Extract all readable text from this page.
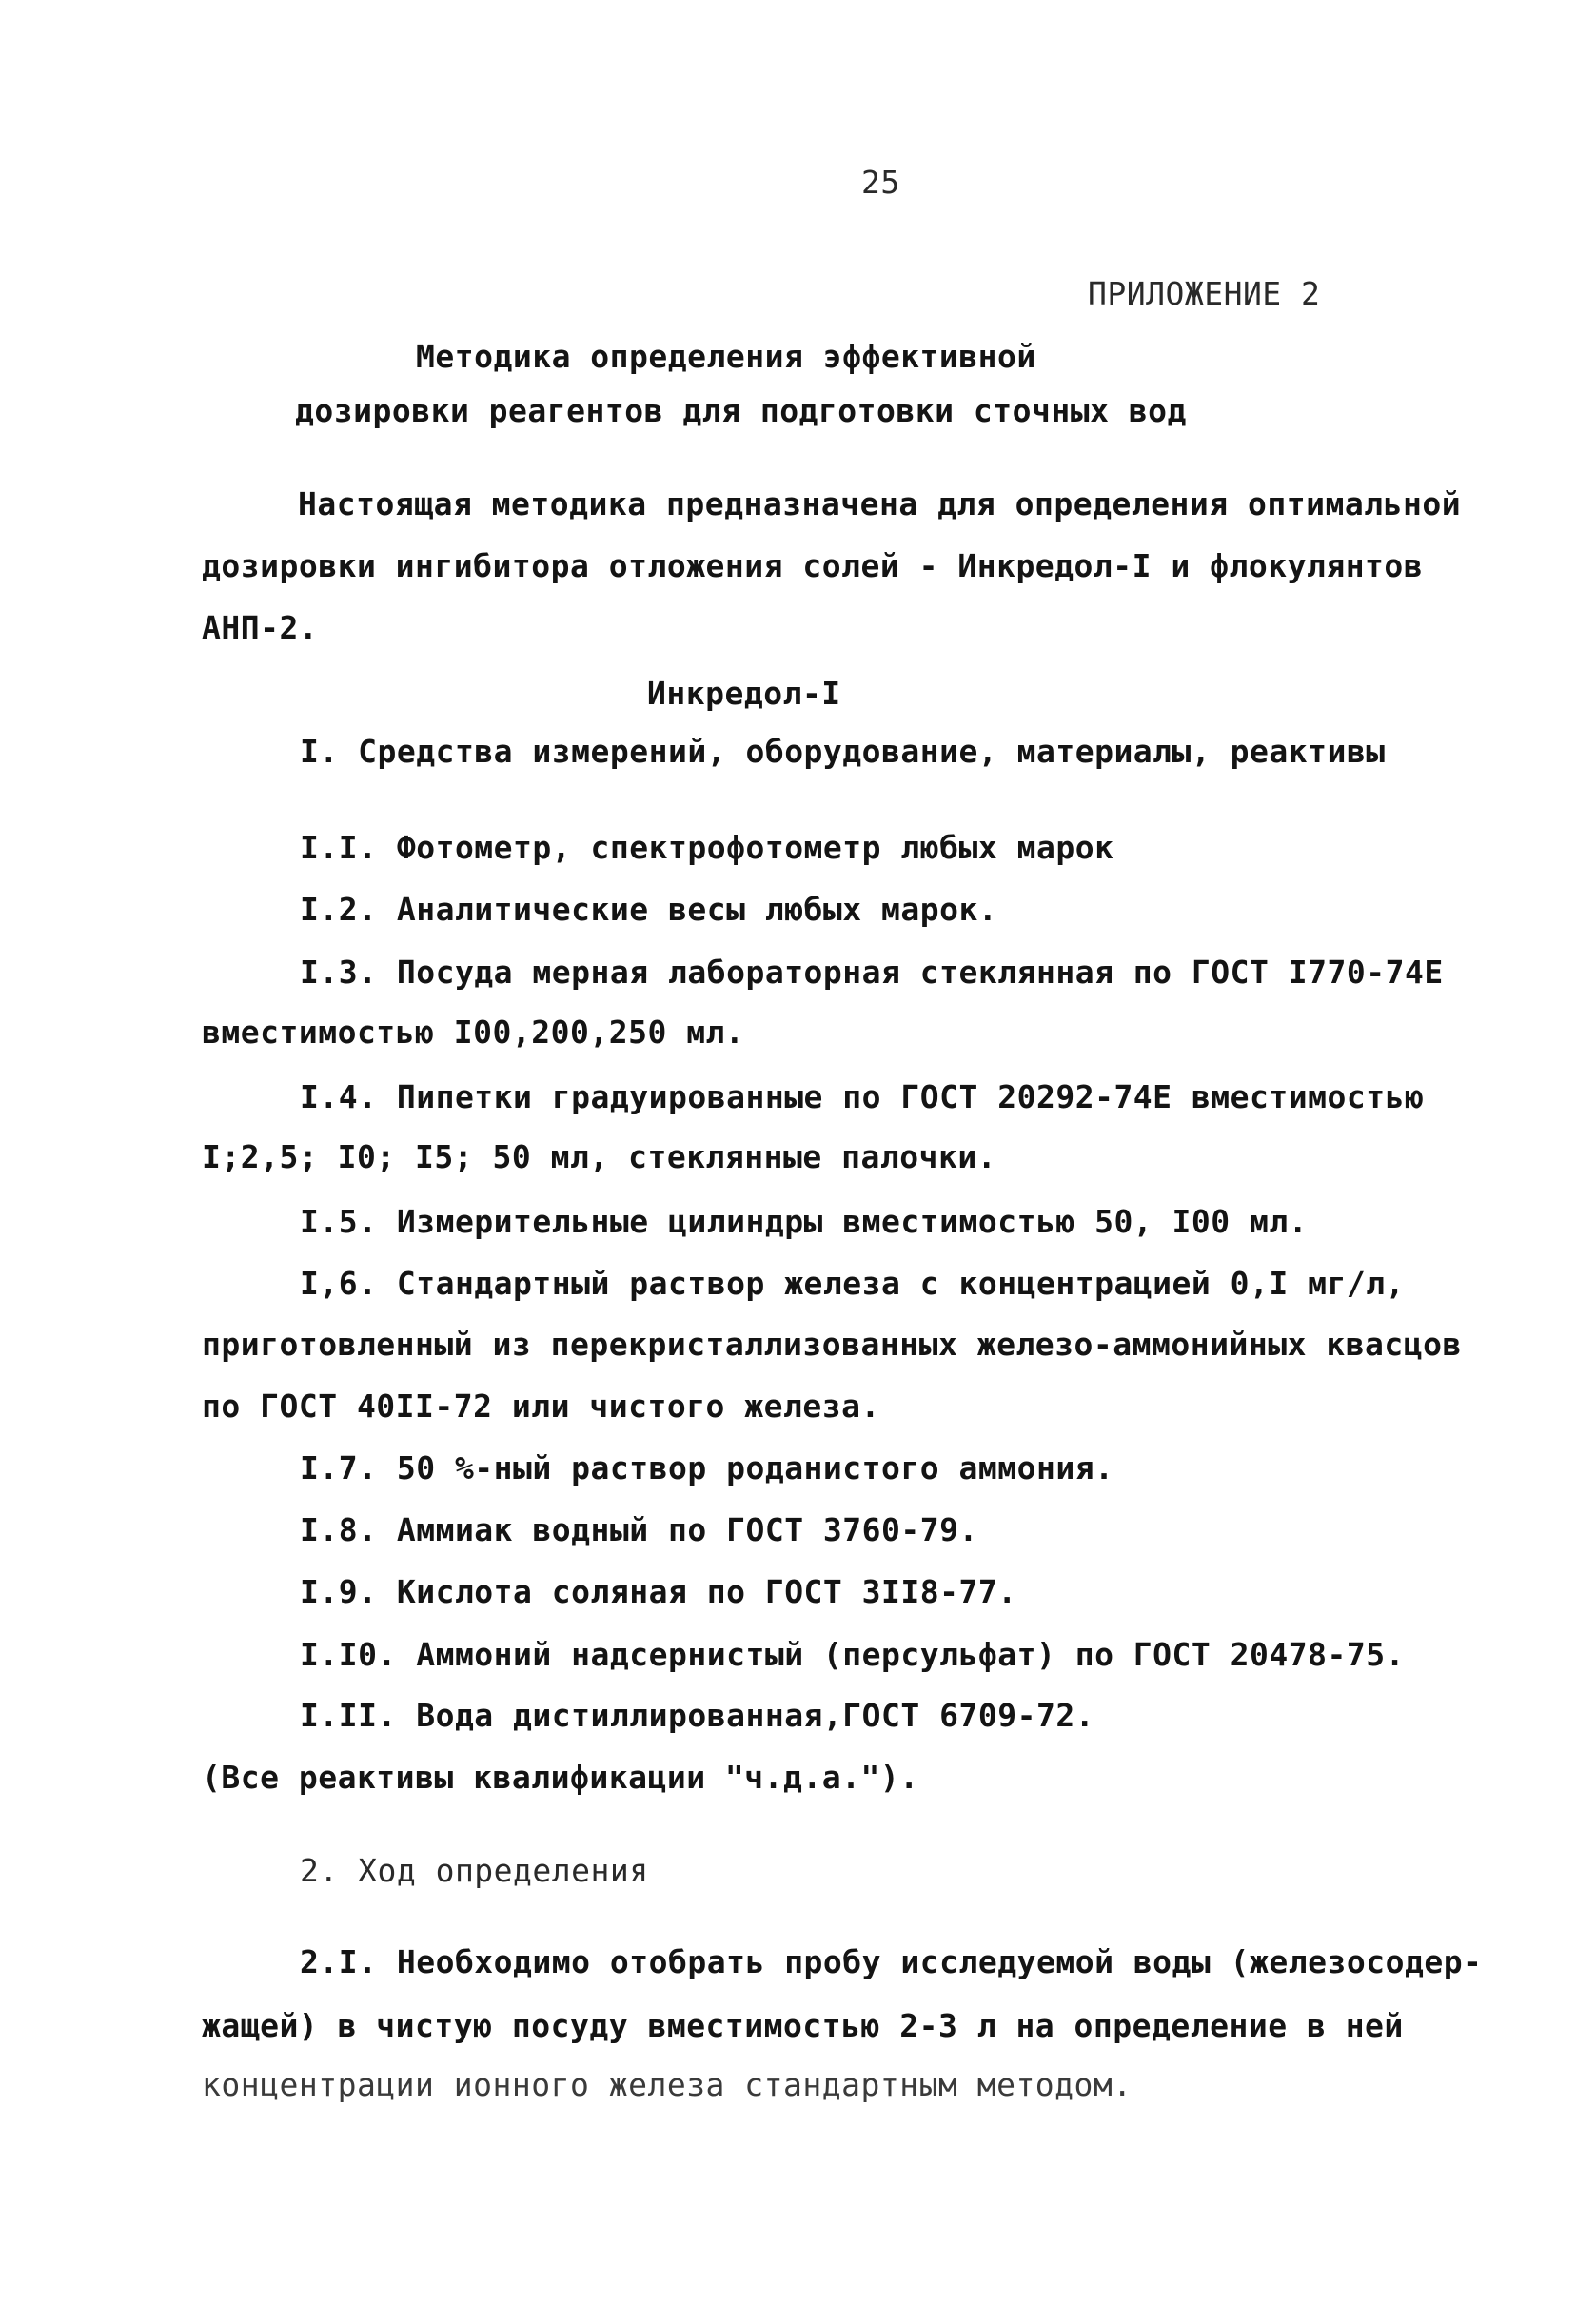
25
ПРИЛОЖЕНИЕ 2
Методика определения эффективной
дозировки реагентов для подготовки сточных вод
Настоящая методика предназначена для определения оптимальной
дозировки ингибитора отложения солей - Инкредол-I и флокулянтов
АНП-2.
Инкредол-I
I. Средства измерений, оборудование, материалы, реактивы
I.I. Фотометр, спектрофотометр любых марок
I.2. Аналитические весы любых марок.
I.3. Посуда мерная лабораторная стеклянная по ГОСТ I770-74Е
вместимостью I00,200,250 мл.
I.4. Пипетки градуированные по ГОСТ 20292-74Е вместимостью
I;2,5; I0; I5; 50 мл, стеклянные палочки.
I.5. Измерительные цилиндры вместимостью 50, I00 мл.
I,6. Стандартный раствор железа с концентрацией 0,I мг/л,
приготовленный из перекристаллизованных железо-аммонийных квасцов
по ГОСТ 40II-72 или чистого железа.
I.7. 50 %-ный раствор роданистого аммония.
I.8. Аммиак водный по ГОСТ 3760-79.
I.9. Кислота соляная по ГОСТ 3II8-77.
I.I0. Аммоний надсернистый (персульфат) по ГОСТ 20478-75.
I.II. Вода дистиллированная,ГОСТ 6709-72.
(Все реактивы квалификации "ч.д.а.").
2. Ход определения
2.I. Необходимо отобрать пробу исследуемой воды (железосодер-
жащей) в чистую посуду вместимостью 2-3 л на определение в ней
концентрации ионного железа стандартным методом.
